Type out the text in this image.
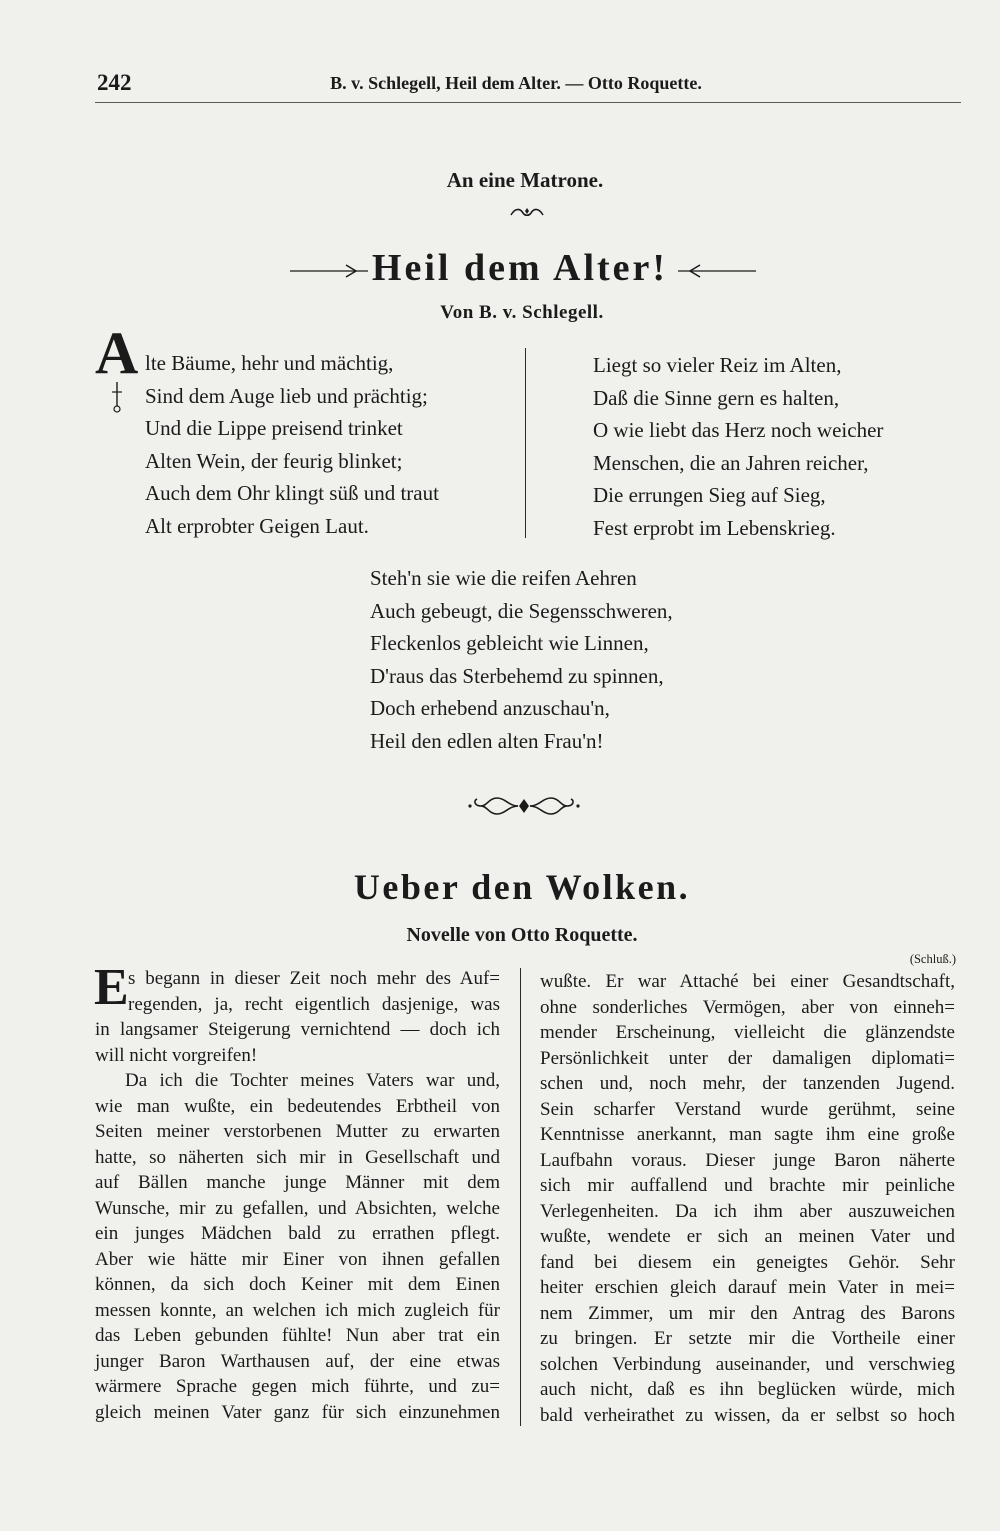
242	B. v. Schlegell, Heil dem Alter. — Otto Roquette.
An eine Matrone.
Heil dem Alter!
Von B. v. Schlegell.
A lte Bäume, hehr und mächtig,
Sind dem Auge lieb und prächtig;
Und die Lippe preisend trinket
Alten Wein, der feurig blinket;
Auch dem Ohr klingt süß und traut
Alt erprobter Geigen Laut.
Liegt so vieler Reiz im Alten,
Daß die Sinne gern es halten,
O wie liebt das Herz noch weicher
Menschen, die an Jahren reicher,
Die errungen Sieg auf Sieg,
Fest erprobt im Lebenskrieg.
Steh'n sie wie die reifen Aehren
Auch gebeugt, die Segensschweren,
Fleckenlos gebleicht wie Linnen,
D'raus das Sterbehemd zu spinnen,
Doch erhebend anzuschau'n,
Heil den edlen alten Frau'n!
Ueber den Wolken.
Novelle von Otto Roquette.
(Schluß.)
E s begann in dieser Zeit noch mehr des Auf=
regenden, ja, recht eigentlich dasjenige, was
in langsamer Steigerung vernichtend — doch ich
will nicht vorgreifen!
Da ich die Tochter meines Vaters war und,
wie man wußte, ein bedeutendes Erbtheil von
Seiten meiner verstorbenen Mutter zu erwarten
hatte, so näherten sich mir in Gesellschaft und
auf Bällen manche junge Männer mit dem
Wunsche, mir zu gefallen, und Absichten, welche
ein junges Mädchen bald zu errathen pflegt.
Aber wie hätte mir Einer von ihnen gefallen
können, da sich doch Keiner mit dem Einen
messen konnte, an welchen ich mich zugleich für
das Leben gebunden fühlte! Nun aber trat ein
junger Baron Warthausen auf, der eine etwas
wärmere Sprache gegen mich führte, und zu=
gleich meinen Vater ganz für sich einzunehmen
wußte. Er war Attaché bei einer Gesandtschaft,
ohne sonderliches Vermögen, aber von einneh=
mender Erscheinung, vielleicht die glänzendste
Persönlichkeit unter der damaligen diplomati=
schen und, noch mehr, der tanzenden Jugend.
Sein scharfer Verstand wurde gerühmt, seine
Kenntnisse anerkannt, man sagte ihm eine große
Laufbahn voraus. Dieser junge Baron näherte
sich mir auffallend und brachte mir peinliche
Verlegenheiten. Da ich ihm aber auszuweichen
wußte, wendete er sich an meinen Vater und
fand bei diesem ein geneigtes Gehör. Sehr
heiter erschien gleich darauf mein Vater in mei=
nem Zimmer, um mir den Antrag des Barons
zu bringen. Er setzte mir die Vortheile einer
solchen Verbindung auseinander, und verschwieg
auch nicht, daß es ihn beglücken würde, mich
bald verheirathet zu wissen, da er selbst so hoch
